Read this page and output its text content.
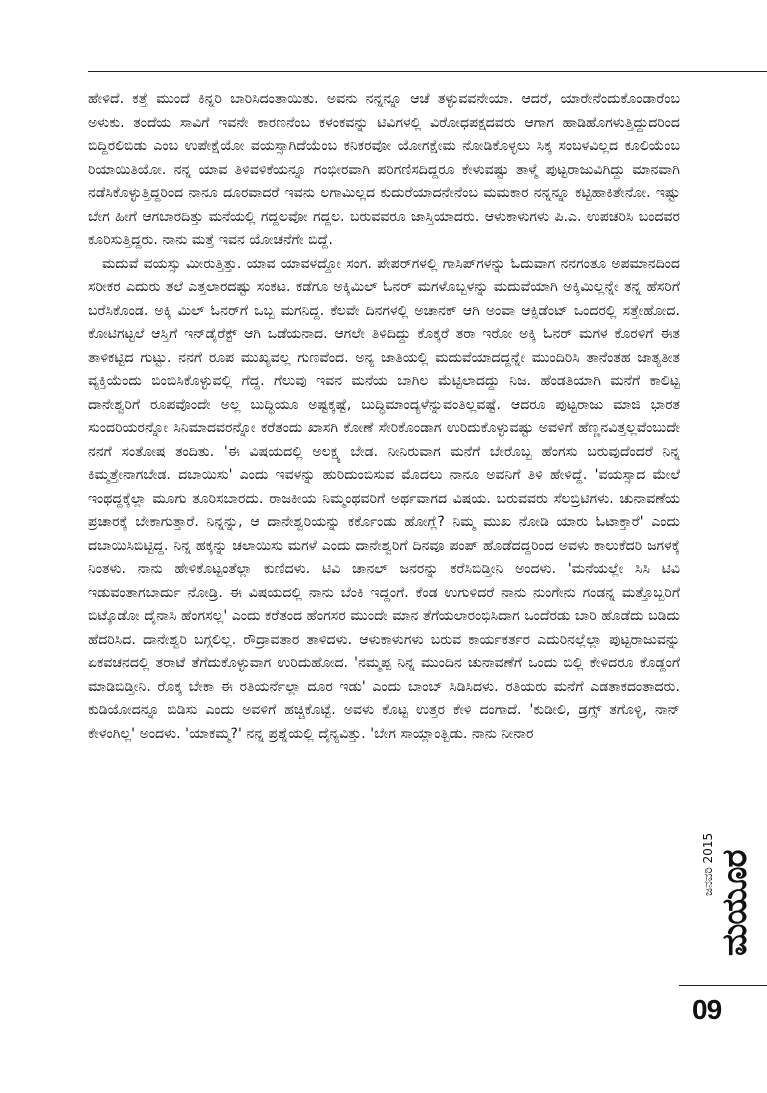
ಹೇಳಿದೆ. ಕತ್ತೆ ಮುಂದೆ ಕಿನ್ನರಿ ಬಾರಿಸಿದಂತಾಯಿತು. ಅವನು ನನ್ನನ್ನೂ ಆಚೆ ತಳ್ಳುವವನೇಯಾ. ಆದರೆ, ಯಾರೇನೆಂದುಕೊಂಡಾರೆಂಬ ಅಳುಕು. ತಂದೆಯ ಸಾವಿಗೆ ಇವನೇ ಕಾರಣನೆಂಬ ಕಳಂಕವನ್ನು ಟಿವಿಗಳಲ್ಲಿ ವಿರೋಧಪಕ್ಷದವರು ಆಗಾಗ ಹಾಡಿಹೊಗಳುತ್ತಿದ್ದುದರಿಂದ ಬಿದ್ದಿರಲಿಬಿಡು ಎಂಬ ಉಪೇಕ್ಷೆಯೋ ವಯಸ್ಸಾಗಿದೆಯೆಂಬ ಕನಿಕರವೋ ಯೋಗಕ್ಷೇಮ ನೋಡಿಕೊಳ್ಳಲು ಸಿಕ್ಕ ಸಂಬಳವಿಲ್ಲದ ಕೂಲಿಯೆಂಬ ರಿಯಾಯಿತಿಯೋ. ನನ್ನ ಯಾವ ತಿಳಿವಳಿಕೆಯನ್ನೂ ಗಂಭೀರವಾಗಿ ಪರಿಗಣಿಸದಿದ್ದರೂ ಕೇಳುವಷ್ಟು ತಾಳ್ಮೆ ಪುಟ್ಟರಾಜುವಿಗಿದ್ದು ಮಾನವಾಗಿ ನಡೆಸಿಕೊಳ್ಳುತ್ತಿದ್ದರಿಂದ ನಾನೂ ದೂರವಾದರೆ ಇವನು ಲಗಾಮಿಲ್ಲದ ಕುದುರೆಯಾದನೇನೆಂಬ ಮಮಕಾರ ನನ್ನನ್ನೂ ಕಟ್ಟಿಹಾಕಿತೇನೋ. ಇಷ್ಟು ಬೇಗ ಹೀಗೆ ಆಗಬಾರದಿತ್ತು ಮನೆಯಲ್ಲಿ ಗದ್ದಲವೋ ಗದ್ದಲ. ಬರುವವರೂ ಜಾಸ್ತಿಯಾದರು. ಆಳುಕಾಳುಗಳು ಪಿ.ಎ. ಉಪಚರಿಸಿ ಬಂದವರ ಕೂರಿಸುತ್ತಿದ್ದರು. ನಾನು ಮತ್ತೆ ಇವನ ಯೋಚನೆಗೇ ಬಿದ್ದೆ.

ಮದುವೆ ವಯಸ್ಸು ಮೀರುತ್ತಿತ್ತು. ಯಾವ ಯಾವಳದ್ದೋ ಸಂಗ. ಪೇಪರ್‌ಗಳಲ್ಲಿ ಗಾಸಿಪ್‌ಗಳನ್ನು ಓದುವಾಗ ನನಗಂತೂ ಅಪಮಾನದಿಂದ ಸರೀಕರ ಎದುರು ತಲೆ ಎತ್ತಲಾರದಷ್ಟು ಸಂಕಟ. ಕಡೆಗೂ ಅಕ್ಕಿಮಿಲ್ ಓನರ್ ಮಗಳೊಬ್ಬಳನ್ನು ಮದುವೆಯಾಗಿ ಅಕ್ಕಿಮಿಲ್ಲನ್ನೇ ತನ್ನ ಹೆಸರಿಗೆ ಬರೆಸಿಕೊಂಡ. ಅಕ್ಕಿ ಮಿಲ್ ಓನರ್‌ಗೆ ಒಬ್ಬ ಮಗನಿದ್ದ. ಕೆಲವೇ ದಿನಗಳಲ್ಲಿ ಅಚಾನಕ್ ಆಗಿ ಅಂವಾ ಆಕ್ಸಿಡೆಂಟ್ ಒಂದರಲ್ಲಿ ಸತ್ತೇಹೋದ. ಕೋಟಿಗಟ್ಟಲೆ ಆಸ್ತಿಗೆ ಇನ್‌ಡೈರೆಕ್ಟ್ ಆಗಿ ಒಡೆಯನಾದ. ಆಗಲೇ ತಿಳಿದಿದ್ದು ಕೊಕ್ಕರೆ ತರಾ ಇರೋ ಅಕ್ಕಿ ಓನರ್ ಮಗಳ ಕೊರಳಿಗೆ ಈತ ತಾಳಿಕಟ್ಟಿದ ಗುಟ್ಟು. ನನಗೆ ರೂಪ ಮುಖ್ಯವಲ್ಲ ಗುಣವೆಂದ. ಅನ್ಯ ಜಾತಿಯಲ್ಲಿ ಮದುವೆಯಾದದ್ದನ್ನೇ ಮುಂದಿರಿಸಿ ತಾನೆಂತಹ ಜಾತ್ಯತೀತ ವ್ಯಕ್ತಿಯೆಂದು ಬಿಂಬಿಸಿಕೊಳ್ಳುವಲ್ಲಿ ಗೆದ್ದ. ಗೆಲುವು ಇವನ ಮನೆಯ ಬಾಗಿಲ ಮೆಟ್ಟಿಲಾದದ್ದು ನಿಜ. ಹೆಂಡತಿಯಾಗಿ ಮನೆಗೆ ಕಾಲಿಟ್ಟ ದಾನೇಶ್ವರಿಗೆ ರೂಪವೊಂದೇ ಅಲ್ಲ ಬುದ್ಧಿಯೂ ಅಷ್ಟಕ್ಕಷ್ಟೆ, ಬುದ್ಧಿಮಾಂದ್ಯಳೆನ್ನುವಂತಿಲ್ಲವಷ್ಟೆ. ಆದರೂ ಪುಟ್ಟರಾಜು ಮಾಜಿ ಭಾರತ ಸುಂದರಿಯರನ್ನೋ ಸಿನಿಮಾದವರನ್ನೋ ಕರೆತಂದು ಖಾಸಗಿ ಕೋಣೆ ಸೇರಿಕೊಂಡಾಗ ಉರಿದುಕೊಳ್ಳುವಷ್ಟು ಅವಳಿಗೆ ಹೆಣ್ಣನವಿತ್ತಲ್ಲವೆಂಬುದೇ ನನಗೆ ಸಂತೋಷ ತಂದಿತು. 'ಈ ವಿಷಯದಲ್ಲಿ ಅಲಕ್ಷ್ಯ ಬೇಡ. ನೀನಿರುವಾಗ ಮನೆಗೆ ಬೇರೊಬ್ಬ ಹೆಂಗಸು ಬರುವುದೆಂದರೆ ನಿನ್ನ ಕಿಮ್ಮತ್ತೇನಾಗಬೇಡ. ದಬಾಯಿಸು' ಎಂದು ಇವಳನ್ನು ಹುರಿದುಂಬಿಸುವ ಮೊದಲು ನಾನೂ ಅವನಿಗೆ ತಿಳಿ ಹೇಳಿದ್ದೆ. 'ವಯಸ್ಸಾದ ಮೇಲೆ ಇಂಥದ್ದಕ್ಕೆಲ್ಲಾ ಮೂಗು ತೂರಿಸಬಾರದು. ರಾಜಕೀಯ ನಿಮ್ಮಂಥವರಿಗೆ ಅರ್ಥವಾಗದ ವಿಷಯ. ಬರುವವರು ಸೆಲಬ್ರಿಟಿಗಳು. ಚುನಾವಣೆಯ ಪ್ರಚಾರಕ್ಕೆ ಬೇಕಾಗುತ್ತಾರೆ. ನಿನ್ನನ್ನು, ಆ ದಾನೇಶ್ವರಿಯನ್ನು ಕರ್ಕೊಂಡು ಹೋಗ್ಲೆ? ನಿಮ್ಮ ಮುಖ ನೋಡಿ ಯಾರು ಓಟಾಕ್ತಾರೆ' ಎಂದು ದಬಾಯಿಸಿಬಿಟ್ಟಿದ್ದ. ನಿನ್ನ ಹಕ್ಕನ್ನು ಚಲಾಯಿಸು ಮಗಳೆ ಎಂದು ದಾನೇಶ್ವರಿಗೆ ದಿನವೂ ಪಂಪ್ ಹೊಡೆದದ್ದರಿಂದ ಅವಳು ಕಾಲುಕೆದರಿ ಜಗಳಕ್ಕೆ ನಿಂತಳು. ನಾನು ಹೇಳಿಕೊಟ್ಟಂತೆಲ್ಲಾ ಕುಣಿದಳು. ಟಿವಿ ಚಾನಲ್ ಜನರನ್ನು ಕರೆಸಿಬಿಡ್ತೀನಿ ಅಂದಳು. 'ಮನೆಯಲ್ಲೇ ಸಿಸಿ ಟಿವಿ ಇಡುವಂತಾಗಬಾರ್ದು ನೋಡ್ರಿ. ಈ ವಿಷಯದಲ್ಲಿ ನಾನು ಬೆಂಕಿ ಇದ್ದಂಗೆ. ಕೆಂಡ ಉಗುಳಿದರೆ ನಾನು ನುಂಗೇನು ಗಂಡನ್ನ ಮತ್ತೊಬ್ಬರಿಗೆ ಬಿಟ್ಕೊಡೋ ದೈನಾಸಿ ಹೆಂಗಸಲ್ಲ' ಎಂದು ಕರೆತಂದ ಹೆಂಗಸರ ಮುಂದೇ ಮಾನ ತೆಗೆಯಲಾರಂಭಿಸಿದಾಗ ಒಂದೆರಡು ಬಾರಿ ಹೊಡೆದು ಬಡಿದು ಹೆದರಿಸಿದ. ದಾನೇಶ್ವರಿ ಬಗ್ಗಲಿಲ್ಲ. ರೌದ್ರಾವತಾರ ತಾಳಿದಳು. ಆಳುಕಾಳುಗಳು ಬರುವ ಕಾರ್ಯಕರ್ತರ ಎದುರಿನಲ್ಲೆಲ್ಲಾ ಪುಟ್ಟರಾಜುವನ್ನು ಏಕವಚನದಲ್ಲಿ ತರಾಟೆ ತೆಗೆದುಕೊಳ್ಳುವಾಗ ಉರಿದುಹೋದ. 'ನಮ್ಮಪ್ಪ ನಿನ್ನ ಮುಂದಿನ ಚುನಾವಣೆಗೆ ಒಂದು ಬಿಲ್ಲಿ ಕೇಳಿದರೂ ಕೊಡ್ದಂಗೆ ಮಾಡಿಬಿಡ್ತೀನಿ. ರೊಕ್ಕ ಬೇಕಾ ಈ ರತಿಯರ್ನೆಲ್ಲಾ ದೂರ ಇಡು' ಎಂದು ಬಾಂಬ್ ಸಿಡಿಸಿದಳು. ರತಿಯರು ಮನೆಗೆ ಎಡತಾಕದಂತಾದರು. ಕುಡಿಯೋದನ್ನೂ ಬಿಡಿಸು ಎಂದು ಅವಳಿಗೆ ಹಚ್ಚಿಕೊಟ್ಟೆ. ಅವಳು ಕೊಟ್ಟ ಉತ್ತರ ಕೇಳಿ ದಂಗಾದೆ. 'ಕುಡೀಲಿ, ಡ್ರಗ್ಸ್ ತಗೊಳ್ಳಿ, ನಾನ್ ಕೇಳಂಗಿಲ್ಲ' ಅಂದಳು. 'ಯಾಕಮ್ಮ?' ನನ್ನ ಪ್ರಶ್ನೆಯಲ್ಲಿ ದೈನ್ಯವಿತ್ತು. 'ಬೇಗ ಸಾಯ್ಲಾಂತ್ಬಿಡು. ನಾನು ನೀನಾರ

ಜನವರಿ 2015 ಮಯೂರ
09
